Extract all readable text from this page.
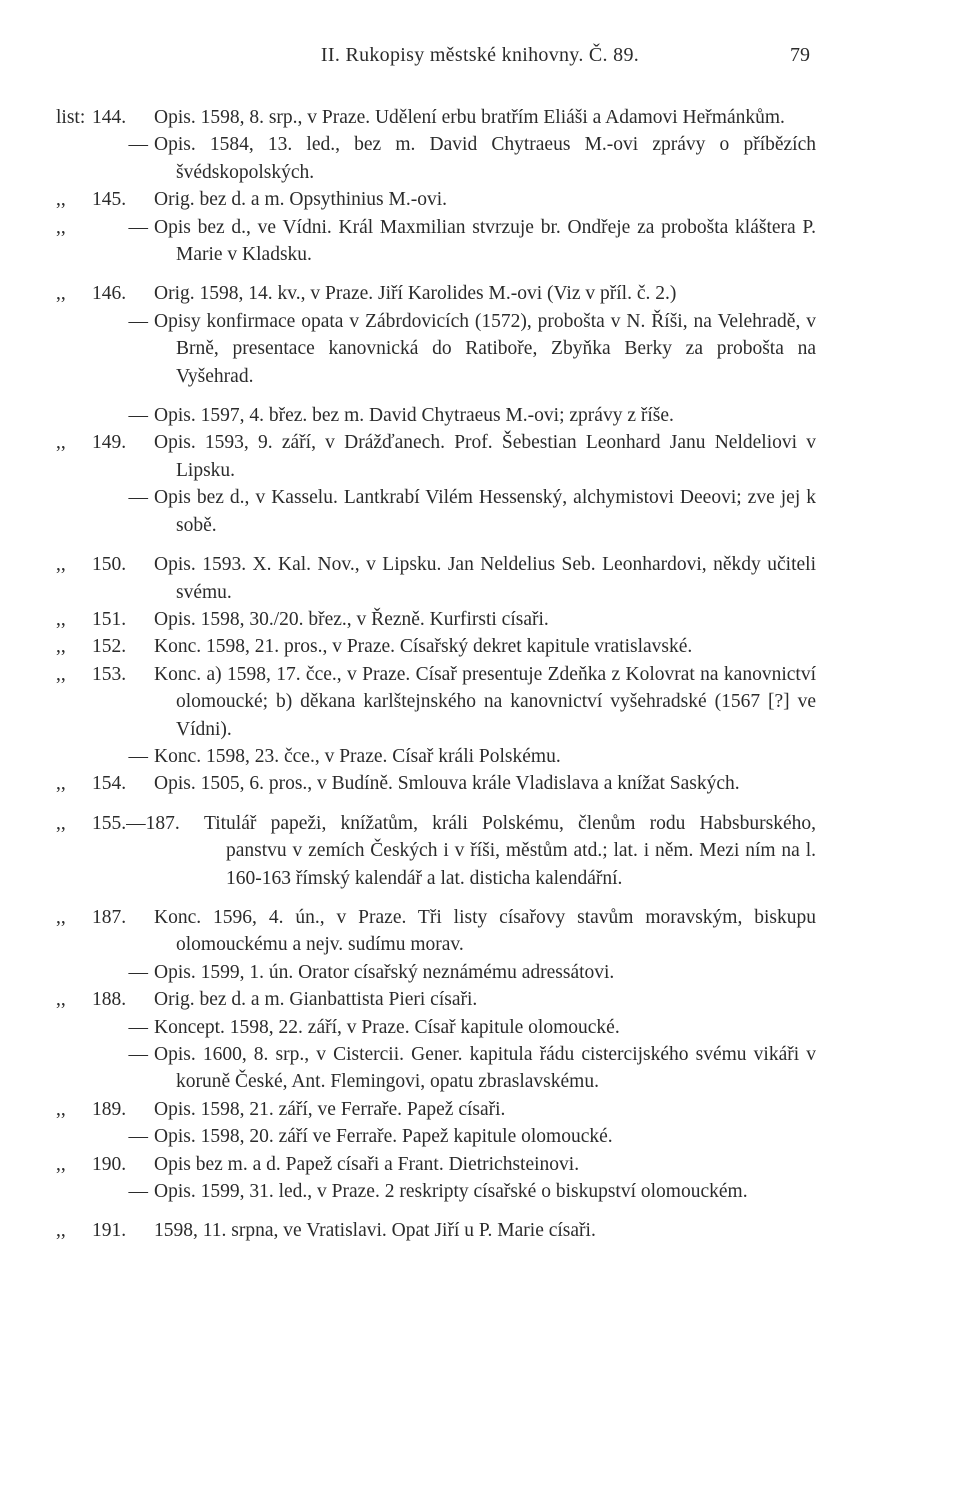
II. Rukopisy městské knihovny. Č. 89.	79
list: 144.	Opis. 1598, 8. srp., v Praze. Udělení erbu bratřím Eliáši a Adamovi Heřmánkům.
— Opis. 1584, 13. led., bez m. David Chytraeus M.-ovi zprávy o příbězích švédskopolských.
,, 145.	Orig. bez d. a m. Opsythinius M.-ovi.
,,	— Opis bez d., ve Vídni. Král Maxmilian stvrzuje br. Ondřeje za probošta kláštera P. Marie v Kladsku.
,, 146.	Orig. 1598, 14. kv., v Praze. Jiří Karolides M.-ovi (Viz v příl. č. 2.)
— Opisy konfirmace opata v Zábrdovicích (1572), probošta v N. Říši, na Velehradě, v Brně, presentace kanovnická do Ratiboře, Zbyňka Berky za probošta na Vyšehrad.
— Opis. 1597, 4. břez. bez m. David Chytraeus M.-ovi; zprávy z říše.
,, 149.	Opis. 1593, 9. září, v Drážďanech. Prof. Šebestian Leonhard Janu Neldeliovi v Lipsku.
— Opis bez d., v Kasselu. Lantkrabí Vilém Hessenský, alchymistovi Deeovi; zve jej k sobě.
,, 150.	Opis. 1593. X. Kal. Nov., v Lipsku. Jan Neldelius Seb. Leonhardovi, někdy učiteli svému.
,, 151.	Opis. 1598, 30./20. břez., v Řezně. Kurfirsti císaři.
,, 152.	Konc. 1598, 21. pros., v Praze. Císařský dekret kapitule vratislavské.
,, 153.	Konc. a) 1598, 17. čce., v Praze. Císař presentuje Zdeňka z Kolovrat na kanovnictví olomoucké; b) děkana karlštejnského na kanovnictví vyšehradské (1567 [?] ve Vídni).
— Konc. 1598, 23. čce., v Praze. Císař králi Polskému.
,, 154.	Opis. 1505, 6. pros., v Budíně. Smlouva krále Vladislava a knížat Saských.
,, 155.—187. Titulář papeži, knížatům, králi Polskému, členům rodu Habsburského, panstvu v zemích Českých i v říši, městům atd.; lat. i něm. Mezi ním na l. 160-163 římský kalendář a lat. disticha kalendářní.
,, 187.	Konc. 1596, 4. ún., v Praze. Tři listy císařovy stavům moravským, biskupu olomouckému a nejv. sudímu morav.
— Opis. 1599, 1. ún. Orator císařský neznámému adressátovi.
,, 188.	Orig. bez d. a m. Gianbattista Pieri císaři.
— Koncept. 1598, 22. září, v Praze. Císař kapitule olomoucké.
— Opis. 1600, 8. srp., v Cistercii. Gener. kapitula řádu cistercijského svému vikáři v koruně České, Ant. Flemingovi, opatu zbraslavskému.
,, 189.	Opis. 1598, 21. září, ve Ferraře. Papež císaři.
— Opis. 1598, 20. září ve Ferraře. Papež kapitule olomoucké.
,, 190.	Opis bez m. a d. Papež císaři a Frant. Dietrichsteinovi.
— Opis. 1599, 31. led., v Praze. 2 reskripty císařské o biskupství olomouckém.
,, 191.	1598, 11. srpna, ve Vratislavi. Opat Jiří u P. Marie císaři.
